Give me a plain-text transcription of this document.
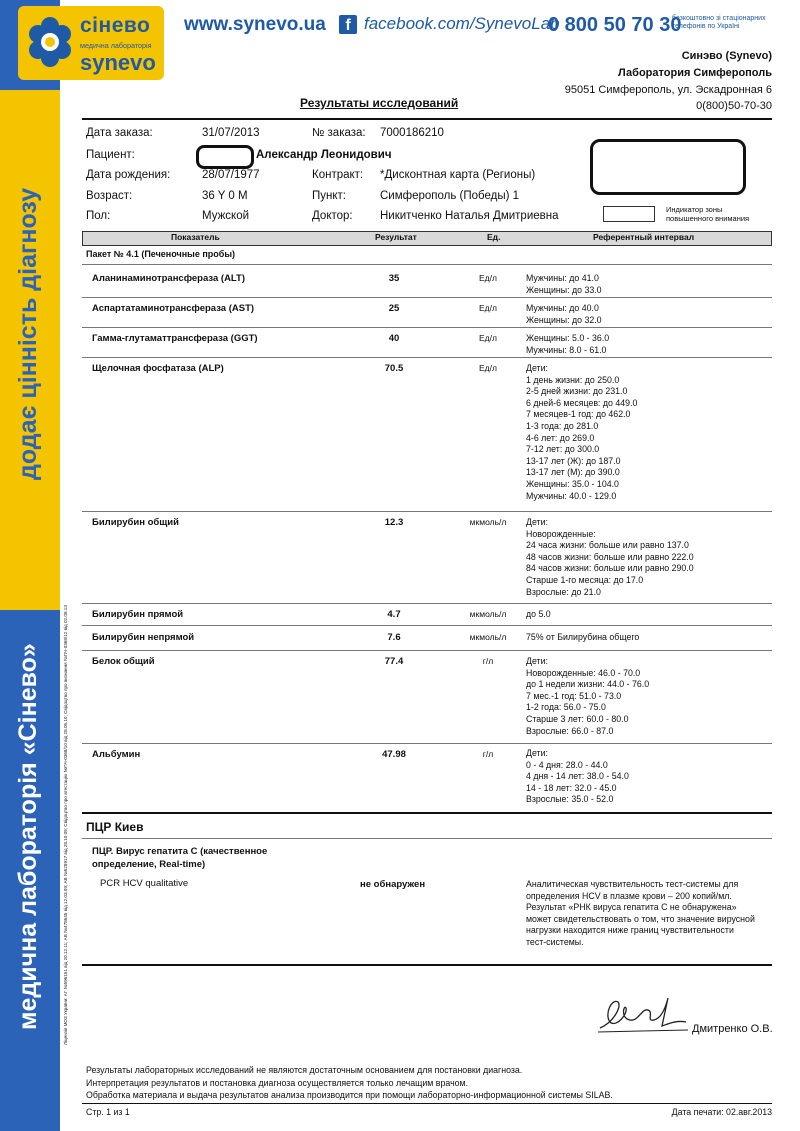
додає цінність діагнозу
медична лабораторія «Сінево»	Ліцензія МОЗ України: АГ №596151 від 20.12.11; АВ №478645 від 12.03.09; АВ №528917 від 28.10.09; Свідоцтво про атестацію №ПЧ-0368/10 від 28.05.10; Свідоцтво про визнання №ПЧ-0368/12 від 02.08.13
сінево
медична лабораторія
synevo
www.synevo.ua	f facebook.com/SynevoLab
0 800 50 70 30
безкоштовно зі стаціонарних телефонів по Україні
Синэво (Synevo)
Лаборатория Симферополь
95051 Симферополь, ул. Эскадронная 6
0(800)50-70-30
Результаты исследований
Дата заказа:	31/07/2013	№ заказа: 7000186210
Пациент:	Александр Леонидович
Дата рождения:	28/07/1977	Контракт: *Дисконтная карта (Регионы)
Возраст:	36 Y 0 M	Пункт:	Симферополь (Победы) 1
Пол:	Мужской	Доктор: Никитченко Наталья Дмитриевна
Индикатор зоны повышенного внимания
Показатель	Результат	Ед.	Референтный интервал
Пакет № 4.1 (Печеночные пробы)
Аланинаминотрансфераза (ALT)	35	Ед/л	Мужчины: до 41.0
Женщины: до 33.0
Аспартатаминотрансфераза (AST)	25	Ед/л	Мужчины: до 40.0
Женщины: до 32.0
Гамма-глутаматтрансфераза (GGT)	40	Ед/л	Женщины: 5.0 - 36.0
Мужчины: 8.0 - 61.0
Щелочная фосфатаза (ALP)	70.5	Ед/л	Дети:
1 день жизни: до 250.0
2-5 дней жизни: до 231.0
6 дней-6 месяцев: до 449.0
7 месяцев-1 год: до 462.0
1-3 года: до 281.0
4-6 лет: до 269.0
7-12 лет: до 300.0
13-17 лет (Ж): до 187.0
13-17 лет (М): до 390.0
Женщины: 35.0 - 104.0
Мужчины: 40.0 - 129.0
Билирубин общий	12.3	мкмоль/л	Дети:
Новорожденные:
24 часа жизни: больше или равно 137.0
48 часов жизни: больше или равно 222.0
84 часов жизни: больше или равно 290.0
Старше 1-го месяца: до 17.0
Взрослые: до 21.0
Билирубин прямой	4.7	мкмоль/л	до 5.0
Билирубин непрямой	7.6	мкмоль/л	75% от Билирубина общего
Белок общий	77.4	г/л	Дети:
Новорожденные: 46.0 - 70.0
до 1 недели жизни: 44.0 - 76.0
7 мес.-1 год: 51.0 - 73.0
1-2 года: 56.0 - 75.0
Старше 3 лет: 60.0 - 80.0
Взрослые: 66.0 - 87.0
Альбумин	47.98	г/л	Дети:
0 - 4 дня: 28.0 - 44.0
4 дня - 14 лет: 38.0 - 54.0
14 - 18 лет: 32.0 - 45.0
Взрослые: 35.0 - 52.0
ПЦР Киев
ПЦР. Вирус гепатита С (качественное определение, Real-time)
PCR HCV qualitative	не обнаружен	Аналитическая чувствительность тест-системы для определения HCV в плазме крови – 200 копий/мл. Результат «РНК вируса гепатита С не обнаружена» может свидетельствовать о том, что значение вирусной нагрузки находится ниже границ чувствительности тест-системы.
Дмитренко О.В.
Результаты лабораторных исследований не являются достаточным основанием для постановки диагноза.
Интерпретация результатов и постановка диагноза осуществляется только лечащим врачом.
Обработка материала и выдача результатов анализа производится при помощи лабораторно-информационной системы SILAB.
Стр. 1 из 1	Дата печати: 02.авг.2013
